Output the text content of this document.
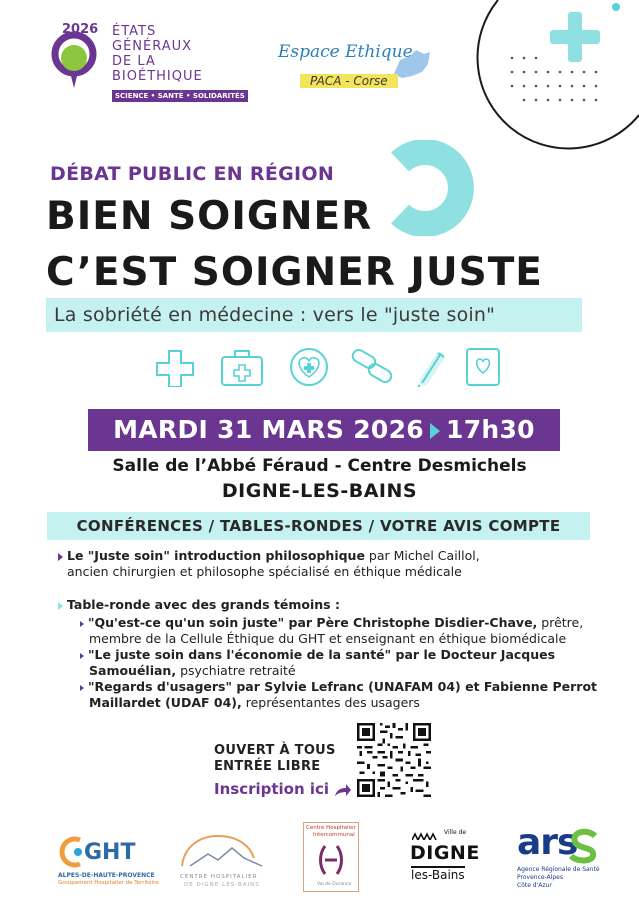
2026 ÉTATS
GÉNÉRAUX
DE LA
BIOÉTHIQUE
SCIENCE • SANTÉ • SOLIDARITÉS
Espace Ethique
PACA - Corse
DÉBAT PUBLIC EN RÉGION
BIEN SOIGNER
C’EST SOIGNER JUSTE
La sobriété en médecine : vers le "juste soin"
MARDI 31 MARS 2026 17h30
Salle de l’Abbé Féraud - Centre Desmichels
DIGNE-LES-BAINS
CONFÉRENCES / TABLES-RONDES / VOTRE AVIS COMPTE
Le "Juste soin" introduction philosophique par Michel Caillol,
ancien chirurgien et philosophe spécialisé en éthique médicale
Table-ronde avec des grands témoins :
"Qu'est-ce qu'un soin juste" par Père Christophe Disdier-Chave, prêtre,
membre de la Cellule Éthique du GHT et enseignant en éthique biomédicale
"Le juste soin dans l'économie de la santé" par le Docteur Jacques
Samouélian, psychiatre retraité
"Regards d'usagers" par Sylvie Lefranc (UNAFAM 04) et Fabienne Perrot
Maillardet (UDAF 04), représentantes des usagers
OUVERT À TOUS
ENTRÉE LIBRE
Inscription ici
GHT
ALPES-DE-HAUTE-PROVENCE
Groupement Hospitalier de Territoire
CENTRE HOSPITALIER
DE DIGNE-LES-BAINS
Centre Hospitalier
Intercommunal
Val de Durance
Ville de
DIGNE
les-Bains
ars
Agence Régionale de Santé
Provence-Alpes
Côte d'Azur
